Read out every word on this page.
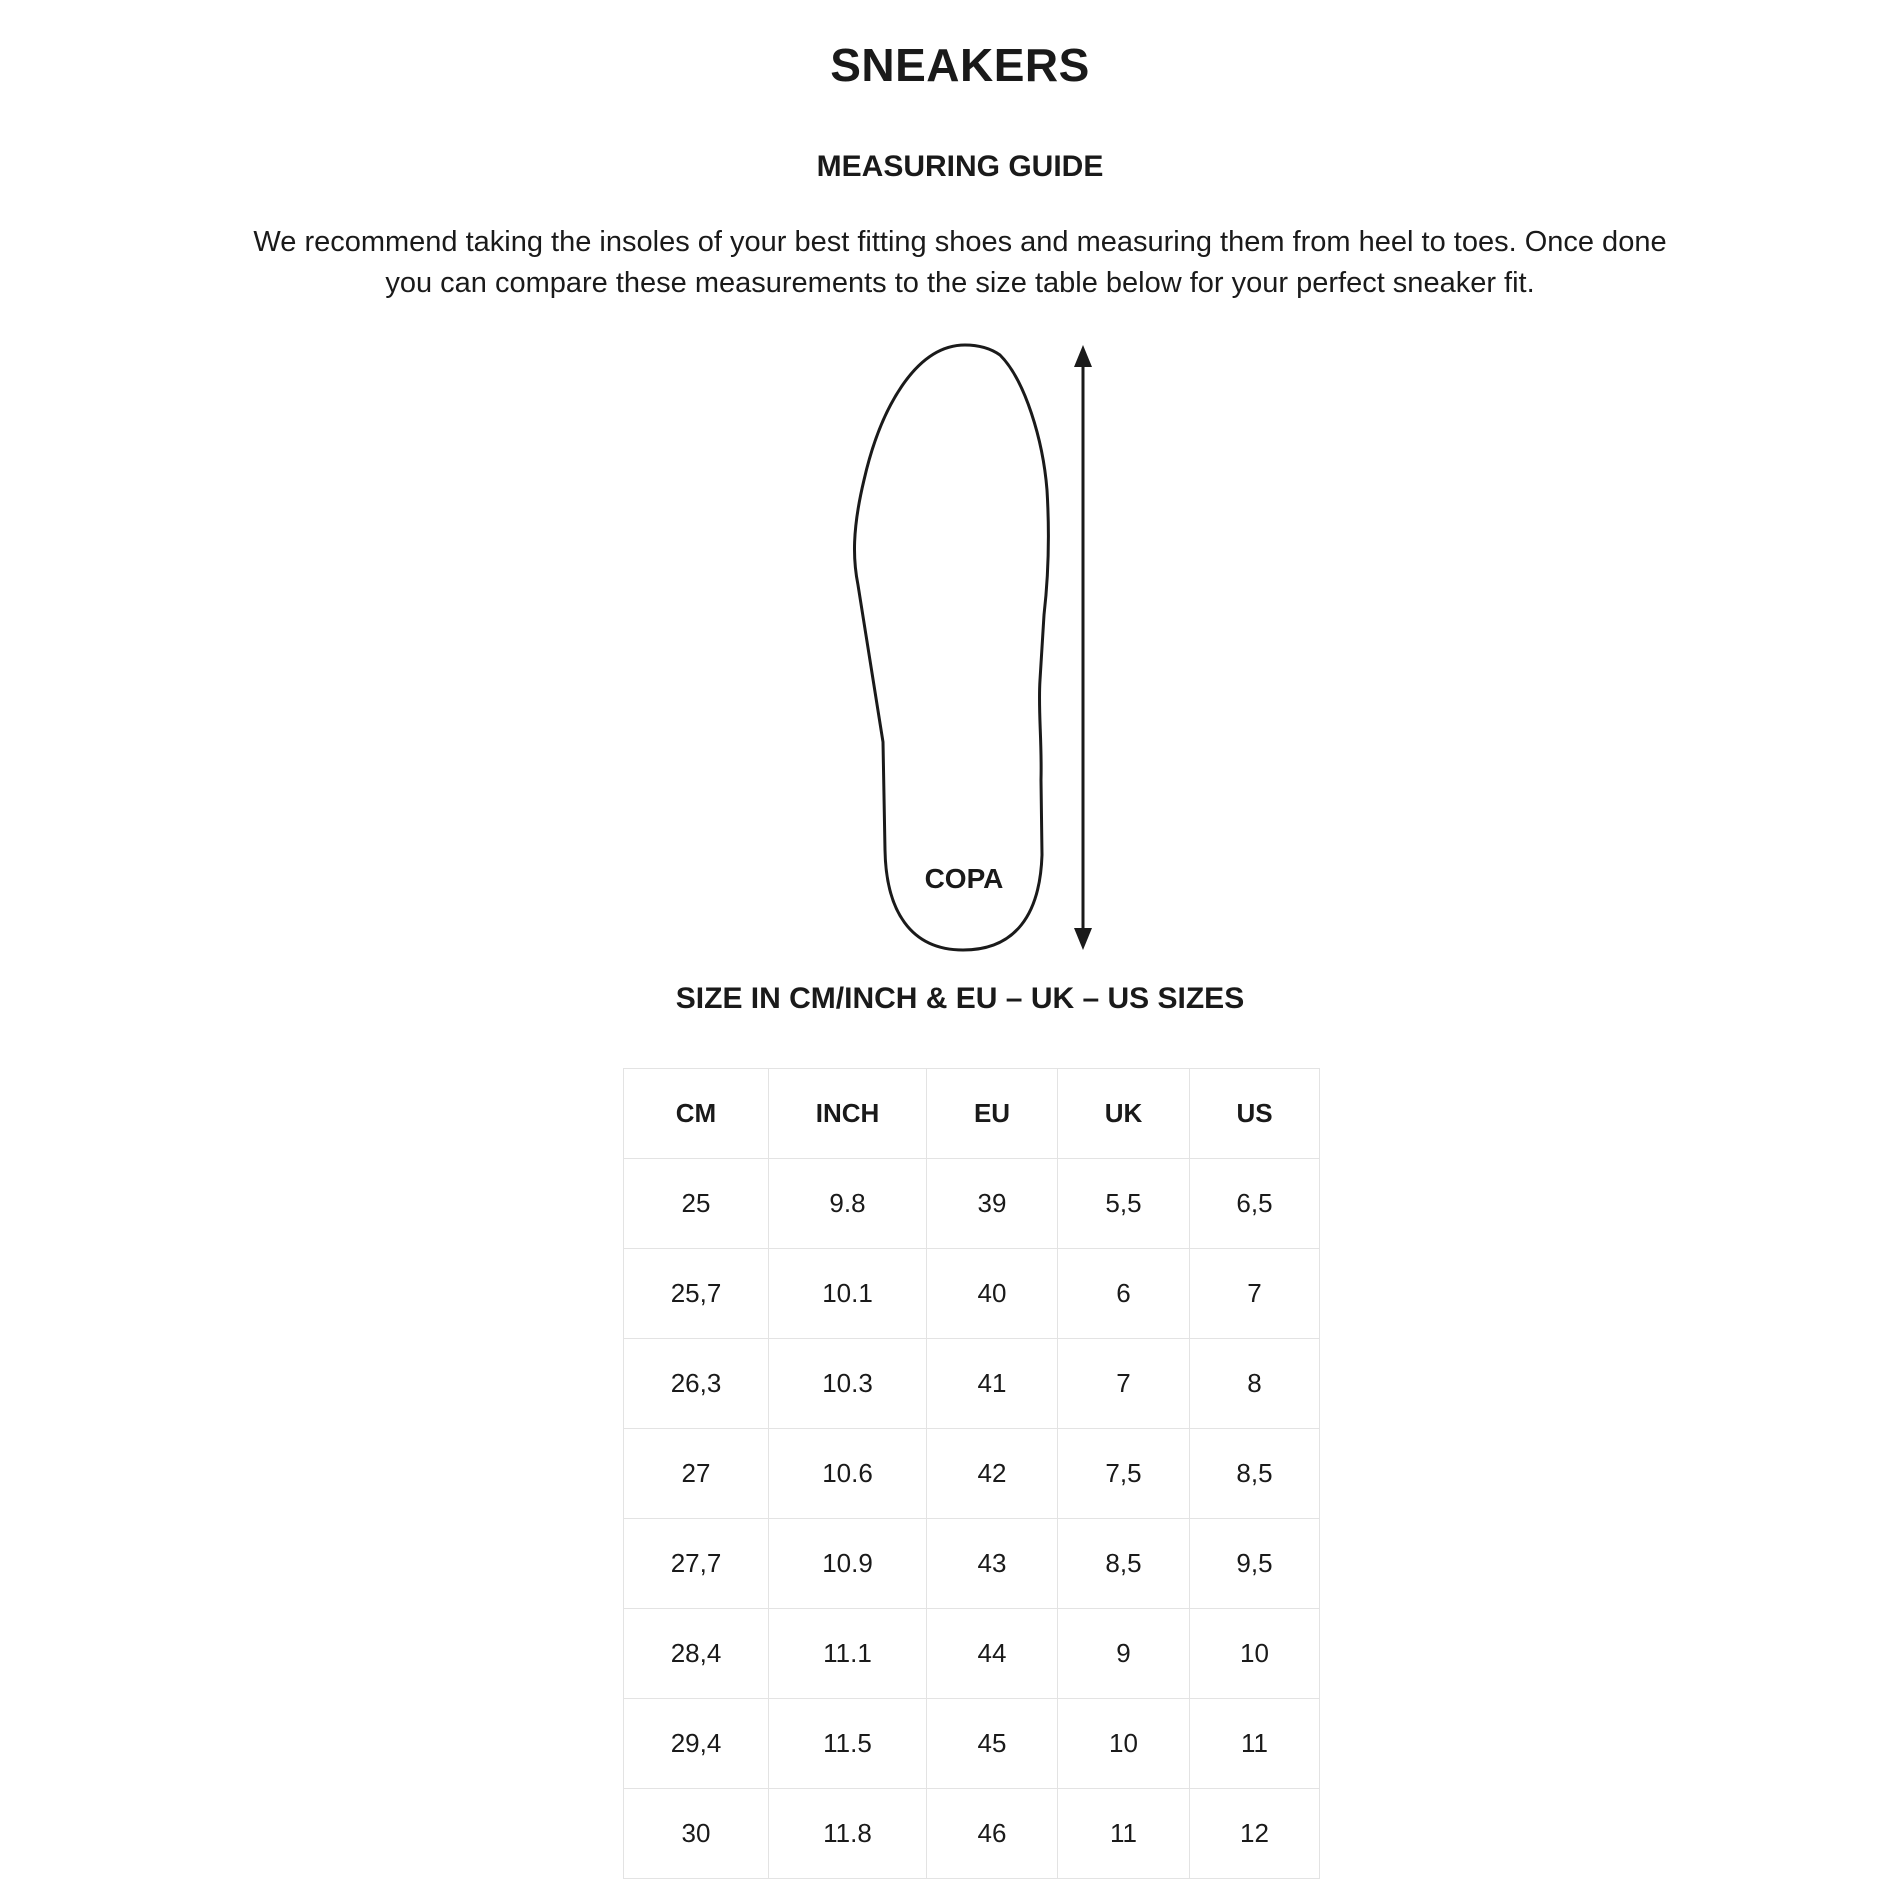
SNEAKERS
MEASURING GUIDE
We recommend taking the insoles of your best fitting shoes and measuring them from heel to toes. Once done
you can compare these measurements to the size table below for your perfect sneaker fit.
COPA
SIZE IN CM/INCH & EU – UK – US SIZES
CM	INCH	EU	UK	US
25	9.8	39	5,5	6,5
25,7	10.1	40	6	7
26,3	10.3	41	7	8
27	10.6	42	7,5	8,5
27,7	10.9	43	8,5	9,5
28,4	11.1	44	9	10
29,4	11.5	45	10	11
30	11.8	46	11	12
